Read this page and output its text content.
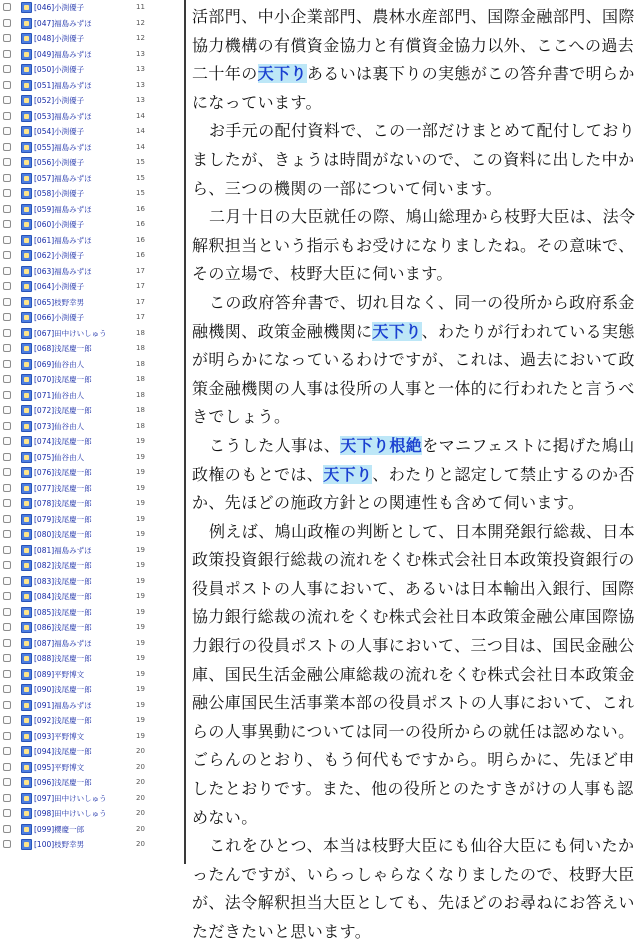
[046]小渕優子	11
[047]福島みずほ	12
[048]小渕優子	12
[049]福島みずほ	13
[050]小渕優子	13
[051]福島みずほ	13
[052]小渕優子	13
[053]福島みずほ	14
[054]小渕優子	14
[055]福島みずほ	14
[056]小渕優子	15
[057]福島みずほ	15
[058]小渕優子	15
[059]福島みずほ	16
[060]小渕優子	16
[061]福島みずほ	16
[062]小渕優子	16
[063]福島みずほ	17
[064]小渕優子	17
[065]枝野幸男	17
[066]小渕優子	17
[067]田中けいしゅう	18
[068]浅尾慶一郎	18
[069]仙谷由人	18
[070]浅尾慶一郎	18
[071]仙谷由人	18
[072]浅尾慶一郎	18
[073]仙谷由人	18
[074]浅尾慶一郎	19
[075]仙谷由人	19
[076]浅尾慶一郎	19
[077]浅尾慶一郎	19
[078]浅尾慶一郎	19
[079]浅尾慶一郎	19
[080]浅尾慶一郎	19
[081]福島みずほ	19
[082]浅尾慶一郎	19
[083]浅尾慶一郎	19
[084]浅尾慶一郎	19
[085]浅尾慶一郎	19
[086]浅尾慶一郎	19
[087]福島みずほ	19
[088]浅尾慶一郎	19
[089]平野博文	19
[090]浅尾慶一郎	19
[091]福島みずほ	19
[092]浅尾慶一郎	19
[093]平野博文	19
[094]浅尾慶一郎	20
[095]平野博文	20
[096]浅尾慶一郎	20
[097]田中けいしゅう	20
[098]田中けいしゅう	20
[099]櫻慶一郎	20
[100]枝野幸男	20

活部門、中小企業部門、農林水産部門、国際金融部門、国際協力機構の有償資金協力と有償資金協力以外、ここへの過去二十年の天下りあるいは裏下りの実態がこの答弁書で明らかになっています。

お手元の配付資料で、この一部だけまとめて配付しておりましたが、きょうは時間がないので、この資料に出した中から、三つの機関の一部について伺います。

二月十日の大臣就任の際、鳩山総理から枝野大臣は、法令解釈担当という指示もお受けになりましたね。その意味で、その立場で、枝野大臣に伺います。

この政府答弁書で、切れ目なく、同一の役所から政府系金融機関、政策金融機関に天下り、わたりが行われている実態が明らかになっているわけですが、これは、過去において政策金融機関の人事は役所の人事と一体的に行われたと言うべきでしょう。

こうした人事は、天下り根絶をマニフェストに掲げた鳩山政権のもとでは、天下り、わたりと認定して禁止するのか否か、先ほどの施政方針との関連性も含めて伺います。

例えば、鳩山政権の判断として、日本開発銀行総裁、日本政策投資銀行総裁の流れをくむ株式会社日本政策投資銀行の役員ポストの人事において、あるいは日本輸出入銀行、国際協力銀行総裁の流れをくむ株式会社日本政策金融公庫国際協力銀行の役員ポストの人事において、三つ目は、国民金融公庫、国民生活金融公庫総裁の流れをくむ株式会社日本政策金融公庫国民生活事業本部の役員ポストの人事において、これらの人事異動については同一の役所からの就任は認めない。ごらんのとおり、もう何代もですから。明らかに、先ほど申したとおりです。また、他の役所とのたすきがけの人事も認めない。

これをひとつ、本当は枝野大臣にも仙谷大臣にも伺いたかったんですが、いらっしゃらなくなりましたので、枝野大臣が、法令解釈担当大臣としても、先ほどのお尋ねにお答えいただきたいと思います。
